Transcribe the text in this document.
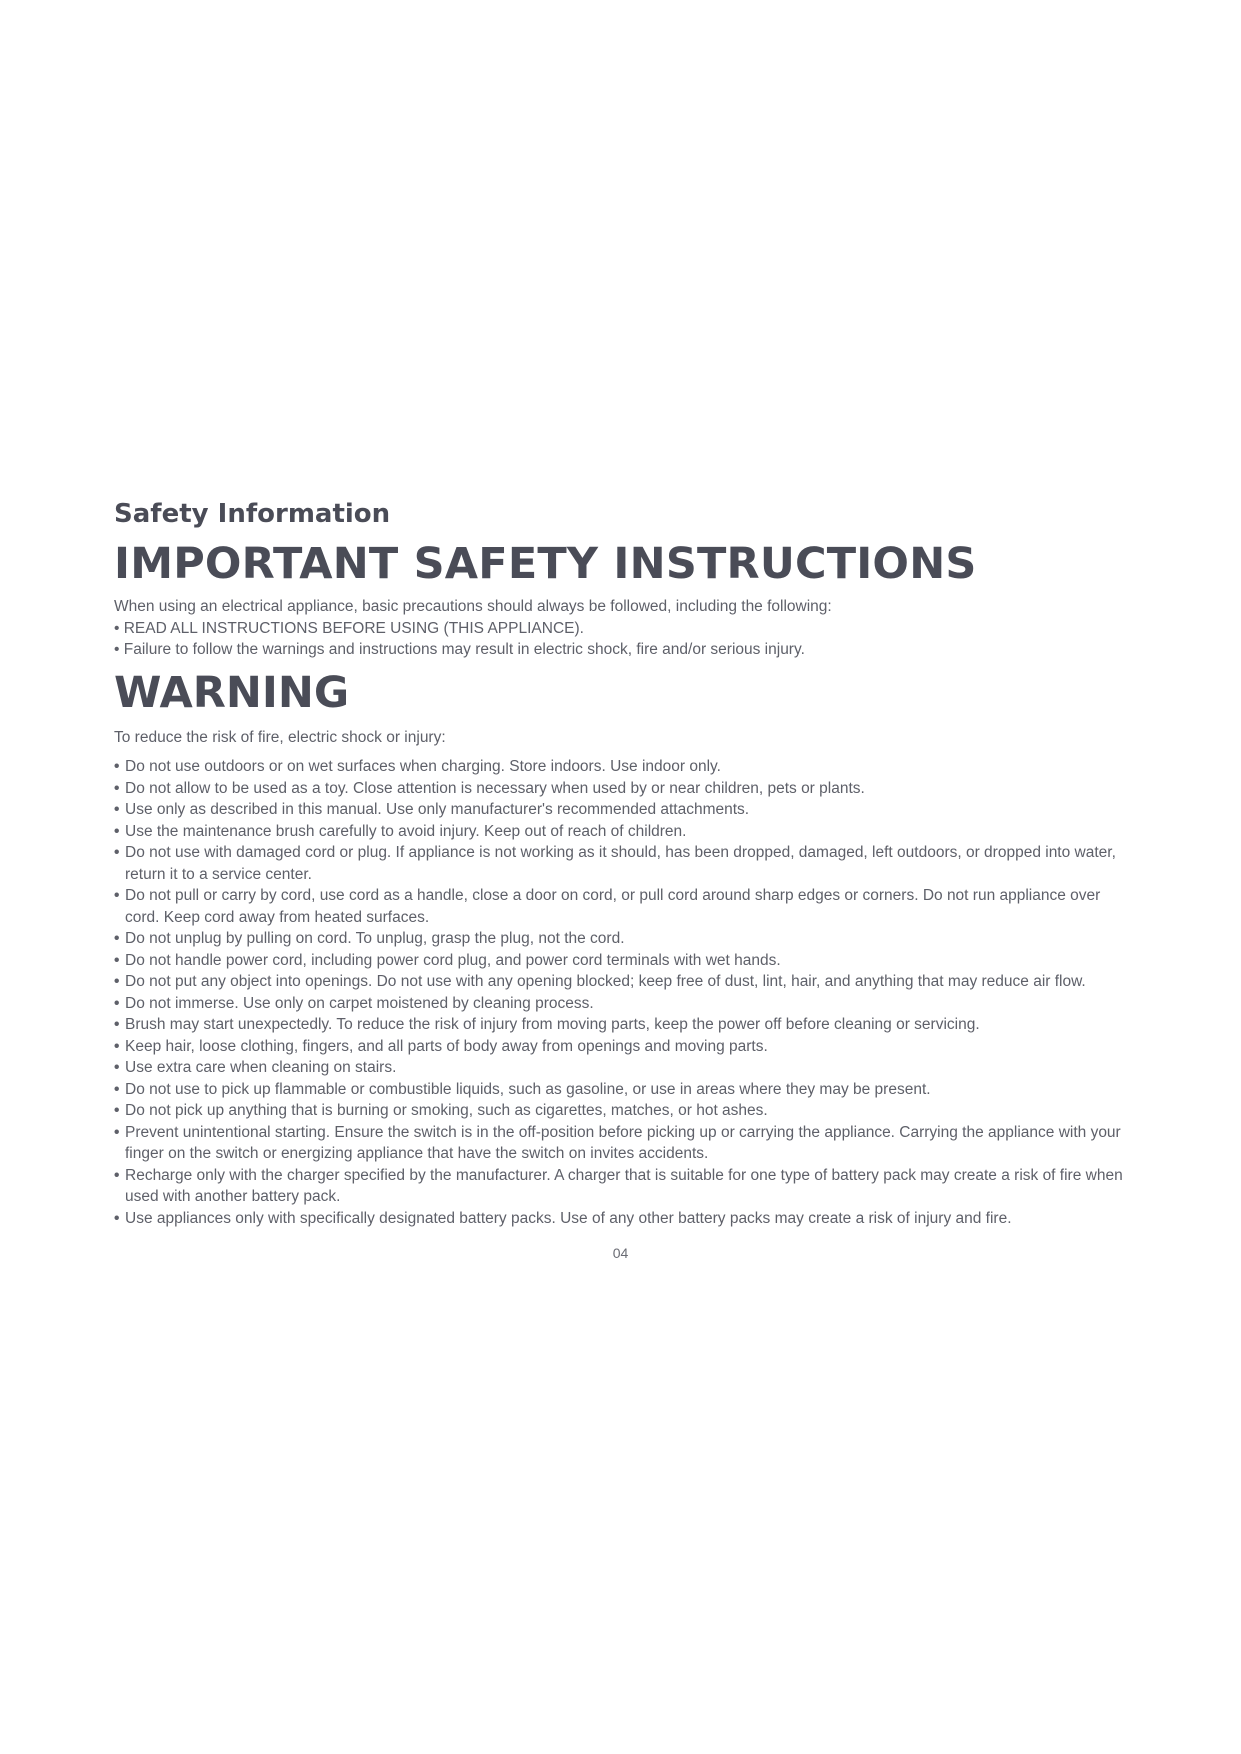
Safety Information
IMPORTANT SAFETY INSTRUCTIONS

When using an electrical appliance, basic precautions should always be followed, including the following:

• READ ALL INSTRUCTIONS BEFORE USING (THIS APPLIANCE).

• Failure to follow the warnings and instructions may result in electric shock, fire and/or serious injury.

WARNING

To reduce the risk of fire, electric shock or injury:

• Do not use outdoors or on wet surfaces when charging. Store indoors. Use indoor only.
• Do not allow to be used as a toy. Close attention is necessary when used by or near children, pets or plants.
• Use only as described in this manual. Use only manufacturer's recommended attachments.
• Use the maintenance brush carefully to avoid injury. Keep out of reach of children.
• Do not use with damaged cord or plug. If appliance is not working as it should, has been dropped, damaged, left outdoors, or dropped into water, return it to a service center.
• Do not pull or carry by cord, use cord as a handle, close a door on cord, or pull cord around sharp edges or corners. Do not run appliance over cord. Keep cord away from heated surfaces.
• Do not unplug by pulling on cord. To unplug, grasp the plug, not the cord.
• Do not handle power cord, including power cord plug, and power cord terminals with wet hands.
• Do not put any object into openings. Do not use with any opening blocked; keep free of dust, lint, hair, and anything that may reduce air flow.
• Do not immerse. Use only on carpet moistened by cleaning process.
• Brush may start unexpectedly. To reduce the risk of injury from moving parts, keep the power off before cleaning or servicing.
• Keep hair, loose clothing, fingers, and all parts of body away from openings and moving parts.
• Use extra care when cleaning on stairs.
• Do not use to pick up flammable or combustible liquids, such as gasoline, or use in areas where they may be present.
• Do not pick up anything that is burning or smoking, such as cigarettes, matches, or hot ashes.
• Prevent unintentional starting. Ensure the switch is in the off-position before picking up or carrying the appliance. Carrying the appliance with your finger on the switch or energizing appliance that have the switch on invites accidents.
• Recharge only with the charger specified by the manufacturer. A charger that is suitable for one type of battery pack may create a risk of fire when used with another battery pack.
• Use appliances only with specifically designated battery packs. Use of any other battery packs may create a risk of injury and fire.
04
